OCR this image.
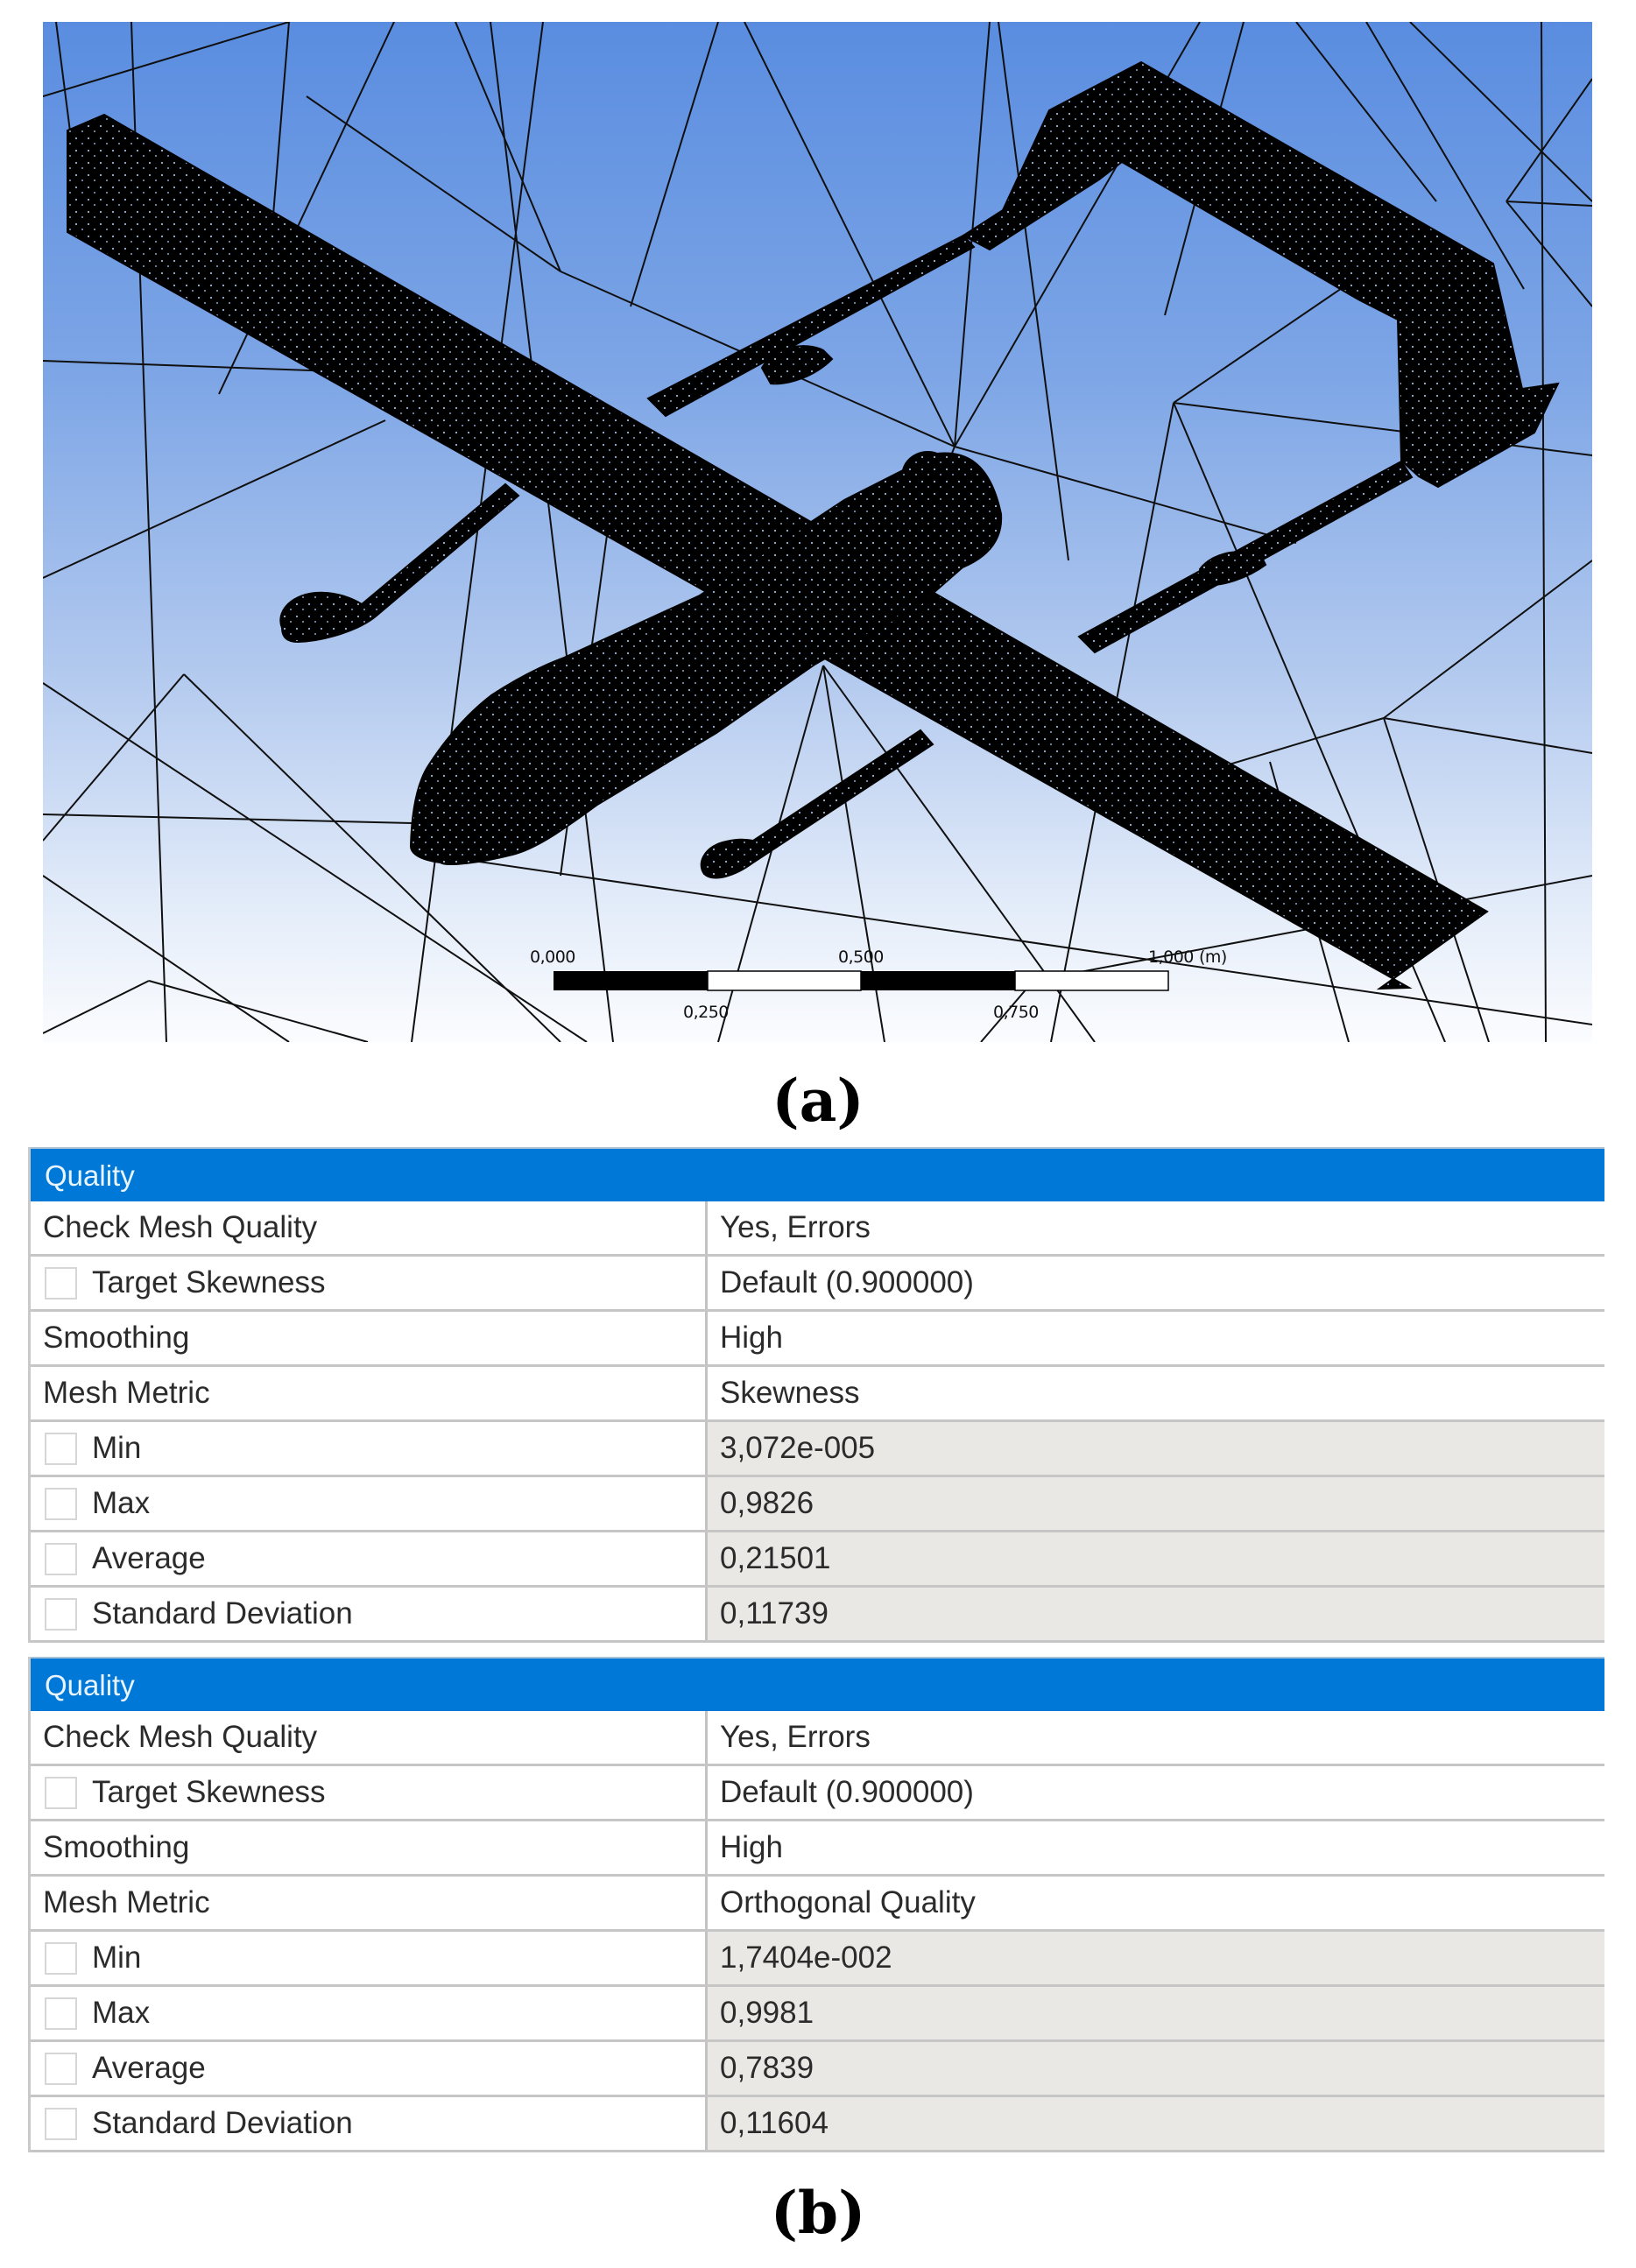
0,000	0,500	1,000 (m)
0,250	0,750
(a)
Quality
Check Mesh Quality	Yes, Errors
Target Skewness	Default (0.900000)
Smoothing	High
Mesh Metric	Skewness
Min	3,072e-005
Max	0,9826
Average	0,21501
Standard Deviation	0,11739
Quality
Check Mesh Quality	Yes, Errors
Target Skewness	Default (0.900000)
Smoothing	High
Mesh Metric	Orthogonal Quality
Min	1,7404e-002
Max	0,9981
Average	0,7839
Standard Deviation	0,11604
(b)
